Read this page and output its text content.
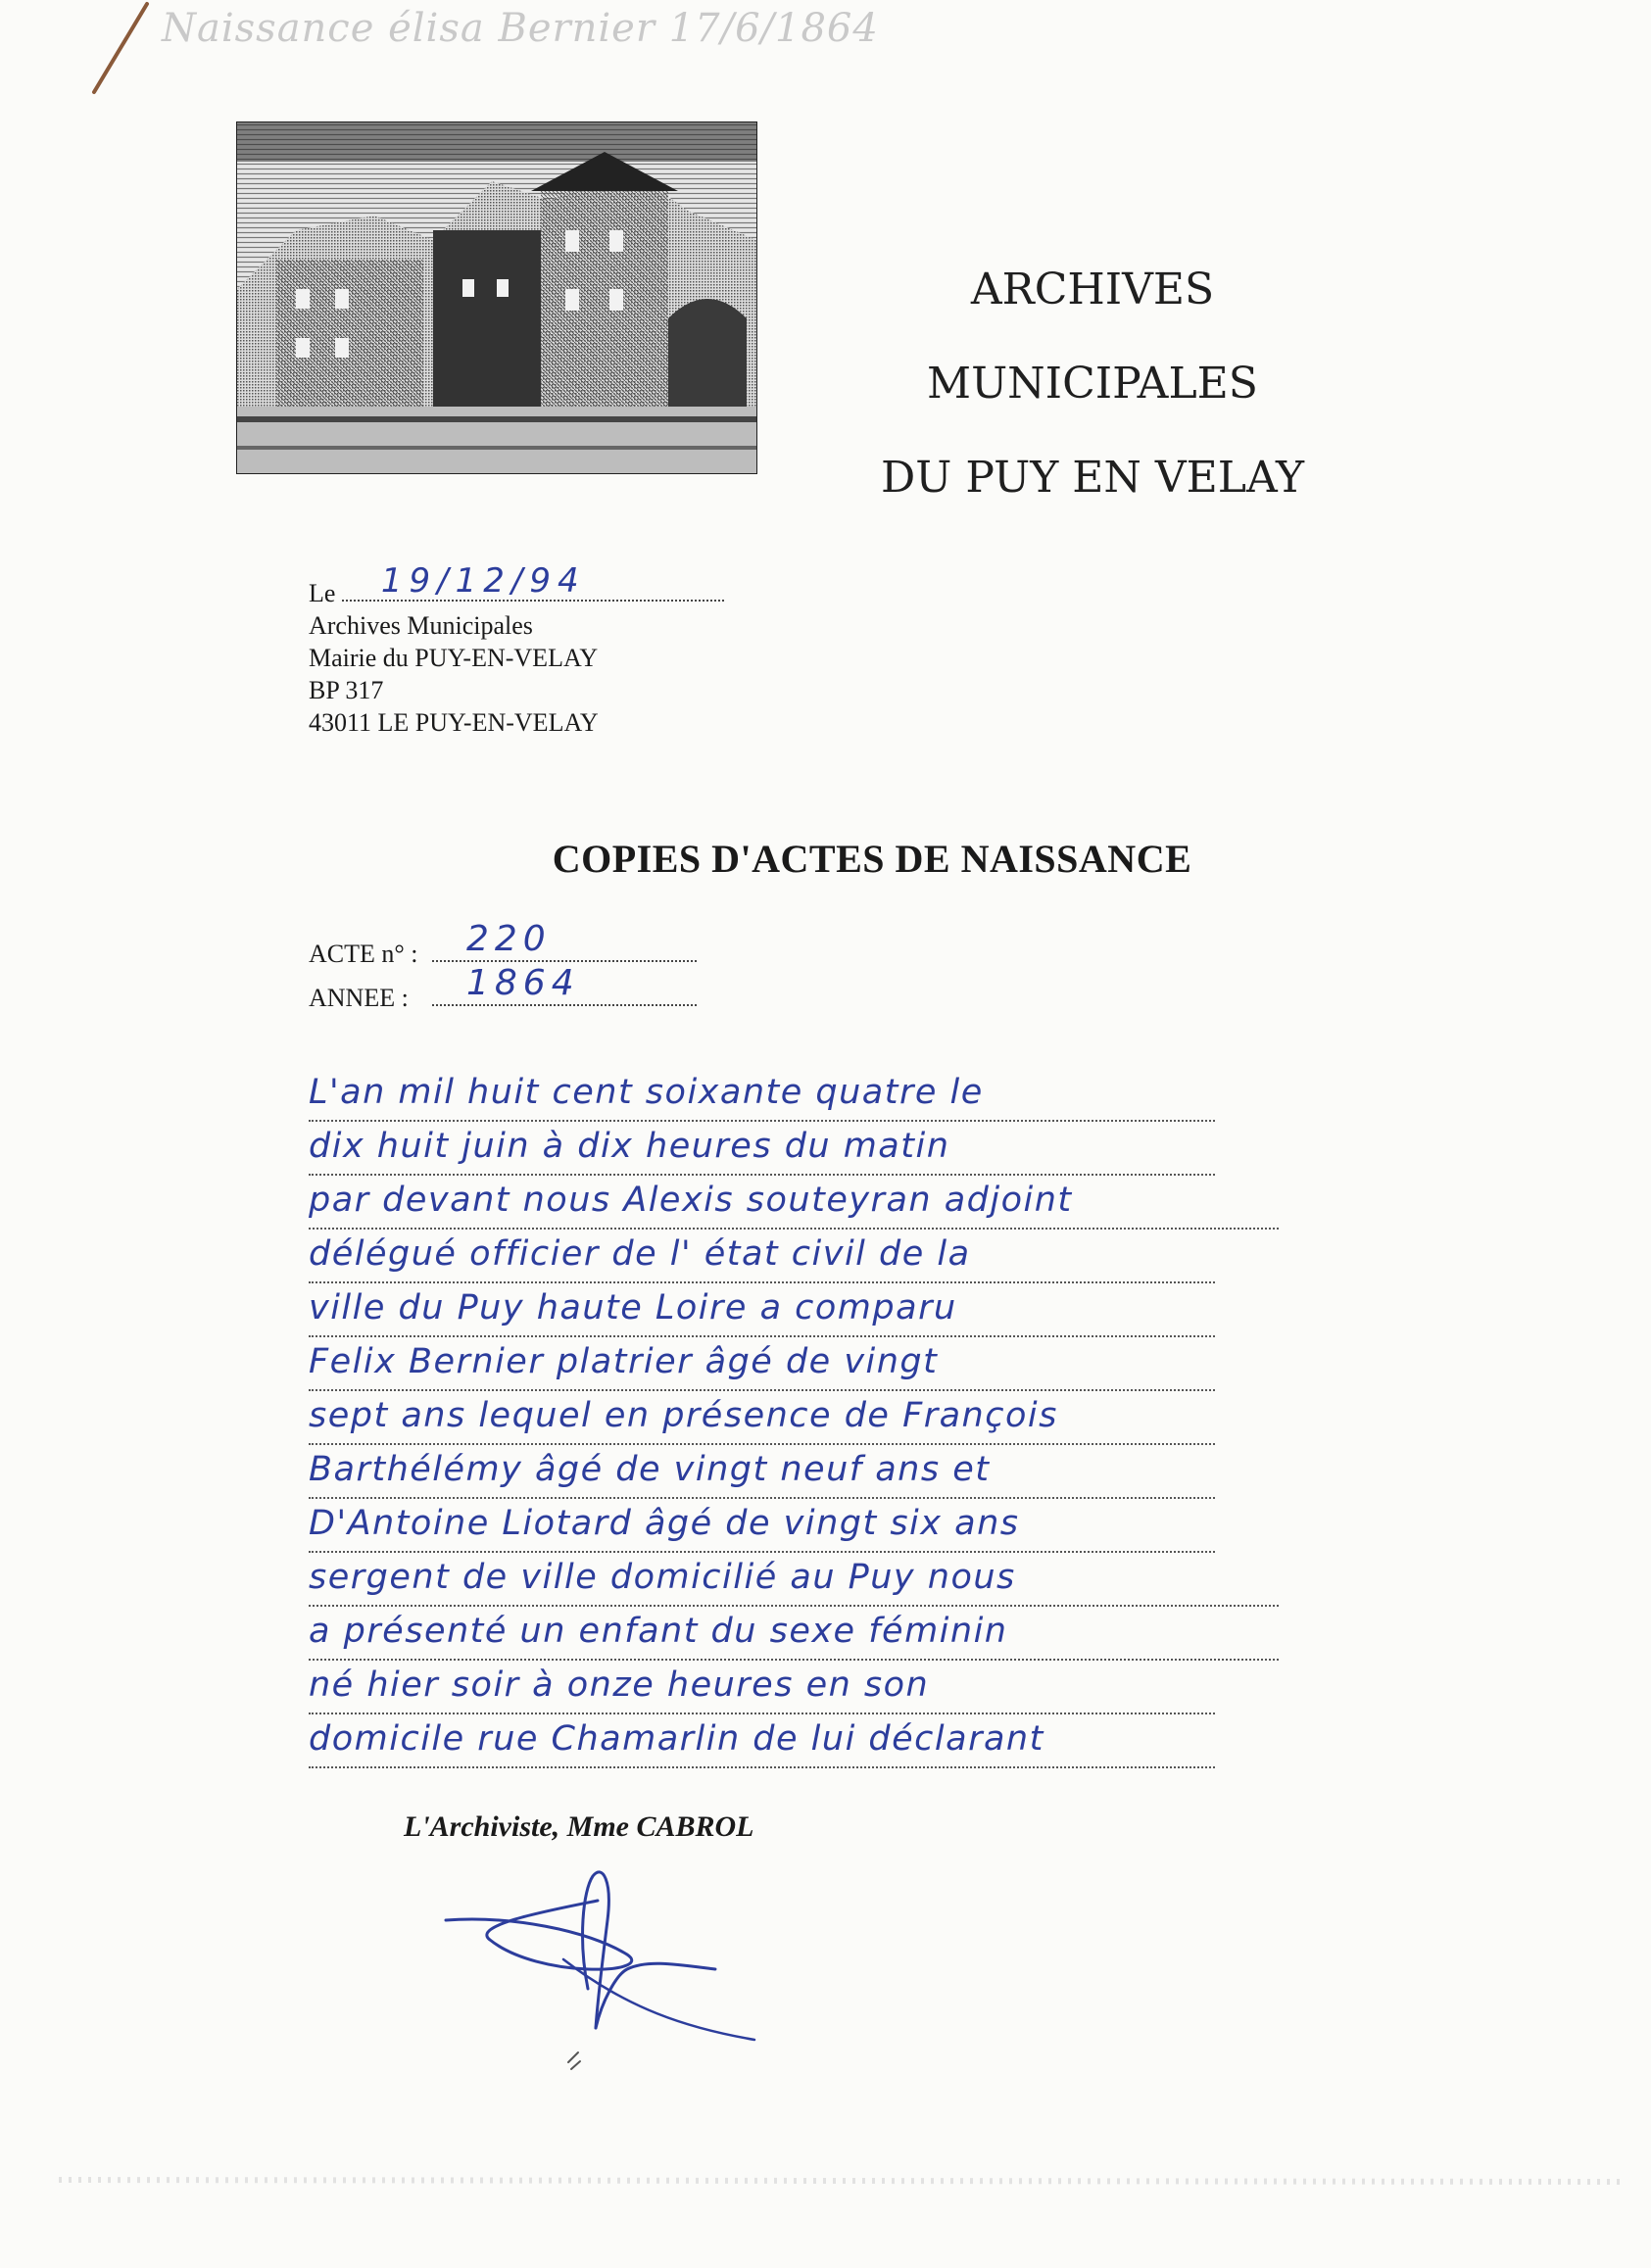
Naissance élisa Bernier 17/6/1864
ARCHIVES
MUNICIPALES
DU PUY EN VELAY
Le 19/12/94
Archives Municipales
Mairie du PUY-EN-VELAY
BP 317
43011 LE PUY-EN-VELAY
COPIES D'ACTES DE NAISSANCE
ACTE n° : 220
ANNEE : 1864
L'an mil huit cent soixante quatre le
dix huit juin à dix heures du matin
par devant nous Alexis souteyran adjoint
délégué officier de l' état civil de la
ville du Puy haute Loire a comparu
Felix Bernier platrier âgé de vingt
sept ans lequel en présence de François
Barthélémy âgé de vingt neuf ans et
D'Antoine Liotard âgé de vingt six ans
sergent de ville domicilié au Puy nous
a présenté un enfant du sexe féminin
né hier soir à onze heures en son
domicile rue Chamarlin de lui déclarant
L'Archiviste, Mme CABROL
